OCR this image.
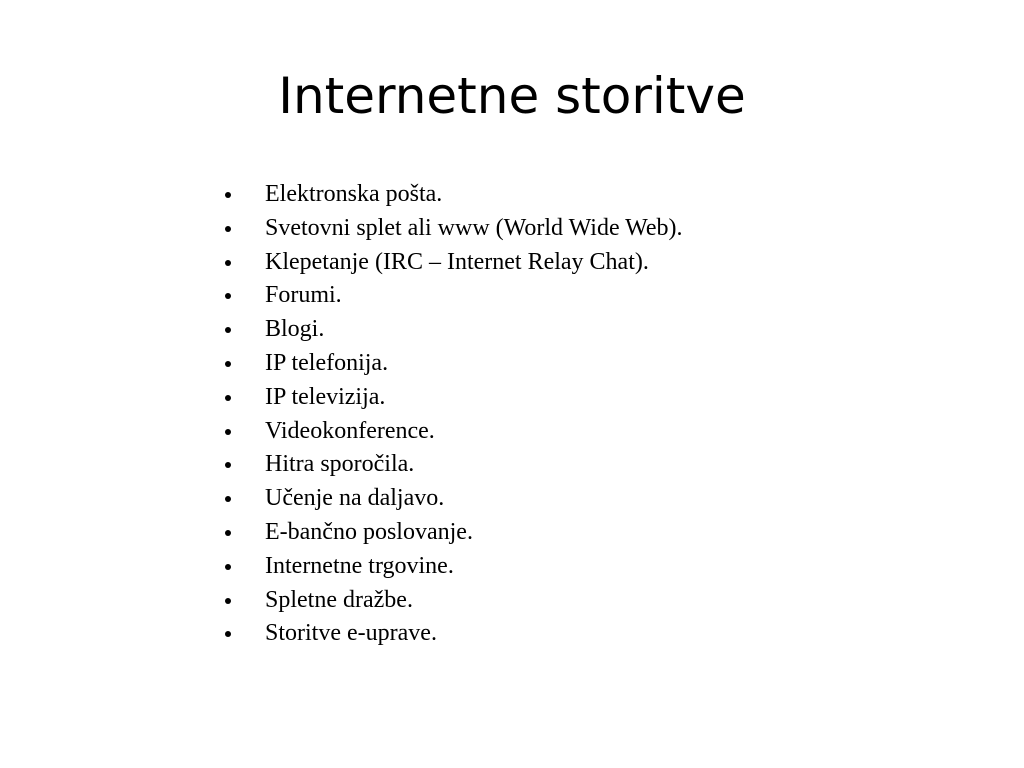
Internetne storitve
Elektronska pošta.
Svetovni splet ali www (World Wide Web).
Klepetanje (IRC – Internet Relay Chat).
Forumi.
Blogi.
IP telefonija.
IP televizija.
Videokonference.
Hitra sporočila.
Učenje na daljavo.
E-bančno poslovanje.
Internetne trgovine.
Spletne dražbe.
Storitve e-uprave.
